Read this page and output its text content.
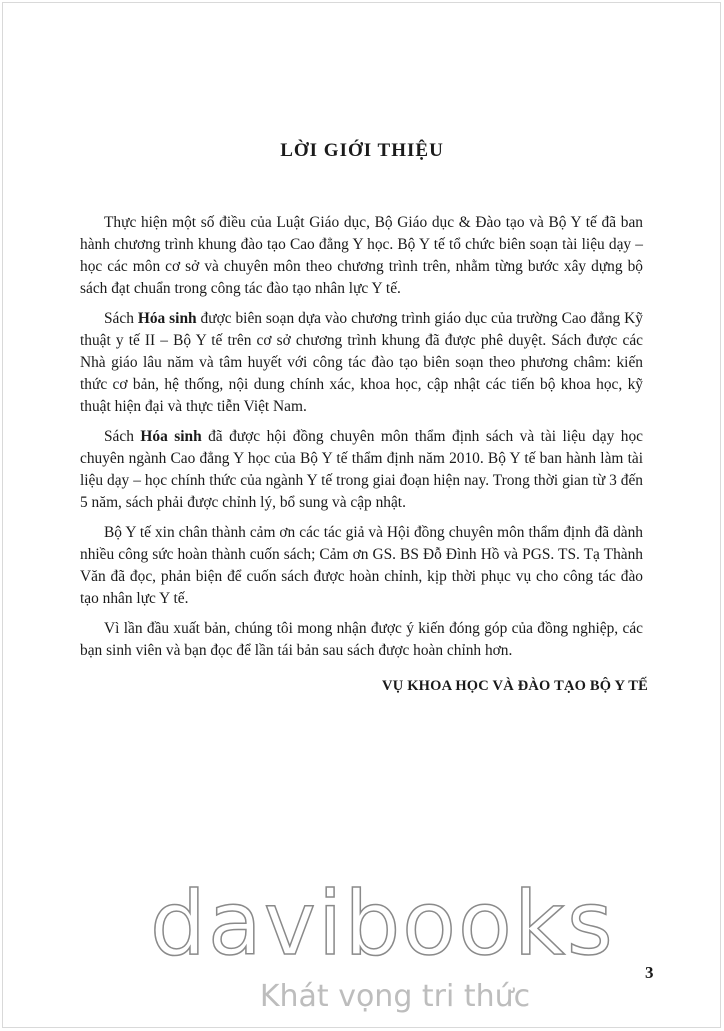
LỜI GIỚI THIỆU

Thực hiện một số điều của Luật Giáo dục, Bộ Giáo dục & Đào tạo và Bộ Y tế đã ban hành chương trình khung đào tạo Cao đẳng Y học. Bộ Y tế tổ chức biên soạn tài liệu dạy – học các môn cơ sở và chuyên môn theo chương trình trên, nhằm từng bước xây dựng bộ sách đạt chuẩn trong công tác đào tạo nhân lực Y tế.

Sách Hóa sinh được biên soạn dựa vào chương trình giáo dục của trường Cao đẳng Kỹ thuật y tế II – Bộ Y tế trên cơ sở chương trình khung đã được phê duyệt. Sách được các Nhà giáo lâu năm và tâm huyết với công tác đào tạo biên soạn theo phương châm: kiến thức cơ bản, hệ thống, nội dung chính xác, khoa học, cập nhật các tiến bộ khoa học, kỹ thuật hiện đại và thực tiễn Việt Nam.

Sách Hóa sinh đã được hội đồng chuyên môn thẩm định sách và tài liệu dạy học chuyên ngành Cao đẳng Y học của Bộ Y tế thẩm định năm 2010. Bộ Y tế ban hành làm tài liệu dạy – học chính thức của ngành Y tế trong giai đoạn hiện nay. Trong thời gian từ 3 đến 5 năm, sách phải được chỉnh lý, bổ sung và cập nhật.

Bộ Y tế xin chân thành cảm ơn các tác giả và Hội đồng chuyên môn thẩm định đã dành nhiều công sức hoàn thành cuốn sách; Cảm ơn GS. BS Đỗ Đình Hồ và PGS. TS. Tạ Thành Văn đã đọc, phản biện để cuốn sách được hoàn chỉnh, kịp thời phục vụ cho công tác đào tạo nhân lực Y tế.

Vì lần đầu xuất bản, chúng tôi mong nhận được ý kiến đóng góp của đồng nghiệp, các bạn sinh viên và bạn đọc để lần tái bản sau sách được hoàn chỉnh hơn.

VỤ KHOA HỌC VÀ ĐÀO TẠO BỘ Y TẾ
davibooks
Khát vọng tri thức
3
